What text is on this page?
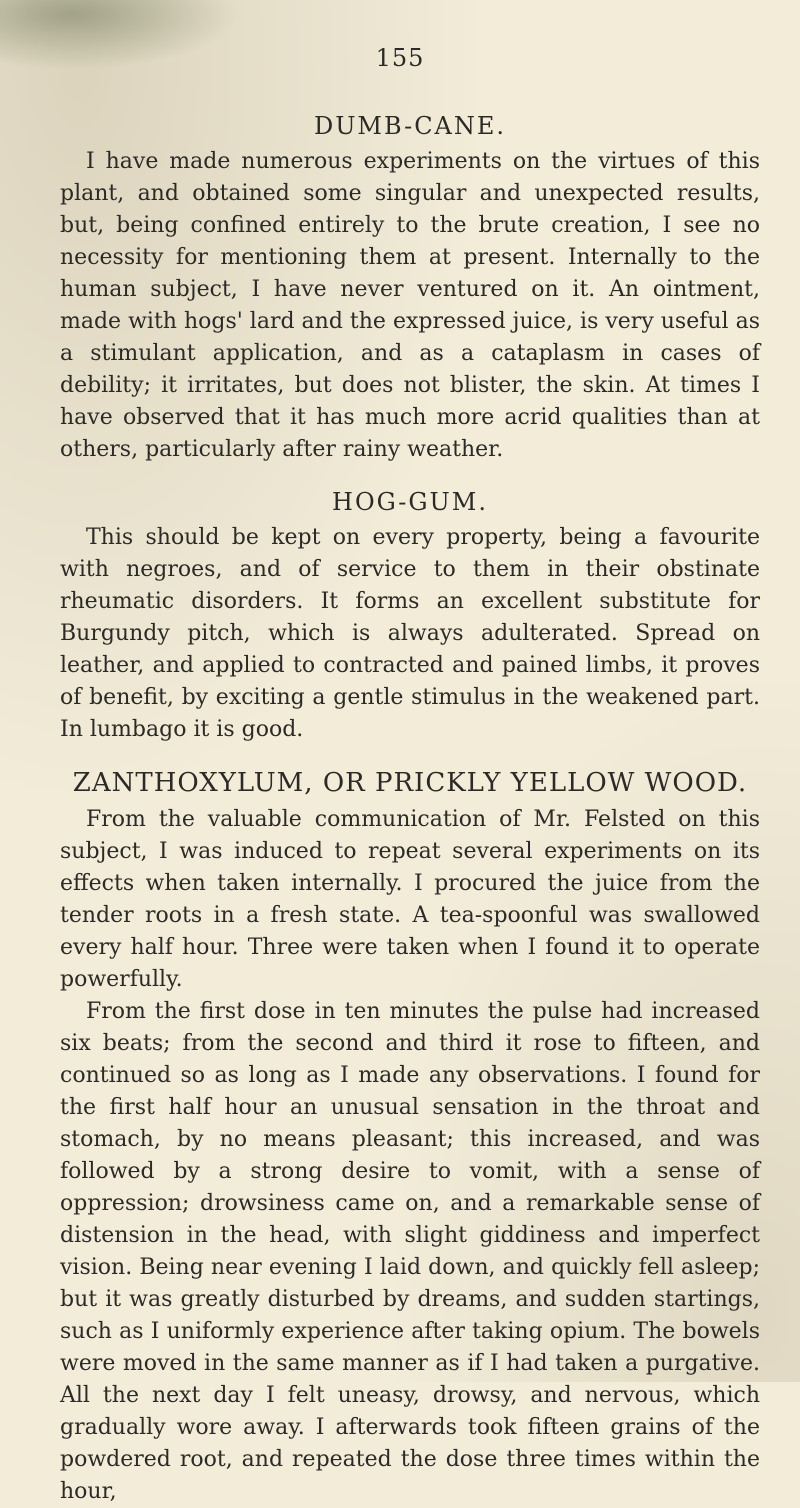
155
DUMB-CANE.

I have made numerous experiments on the virtues of this plant, and obtained some singular and unexpected results, but, being confined entirely to the brute creation, I see no necessity for mentioning them at present. Internally to the human subject, I have never ventured on it. An ointment, made with hogs' lard and the expressed juice, is very useful as a stimulant application, and as a cataplasm in cases of debility; it irritates, but does not blister, the skin. At times I have observed that it has much more acrid qualities than at others, particularly after rainy weather.

HOG-GUM.

This should be kept on every property, being a favourite with negroes, and of service to them in their obstinate rheumatic disorders. It forms an excellent substitute for Burgundy pitch, which is always adulterated. Spread on leather, and applied to contracted and pained limbs, it proves of benefit, by exciting a gentle stimulus in the weakened part. In lumbago it is good.

ZANTHOXYLUM, OR PRICKLY YELLOW WOOD.

From the valuable communication of Mr. Felsted on this subject, I was induced to repeat several experiments on its effects when taken internally. I procured the juice from the tender roots in a fresh state. A tea-spoonful was swallowed every half hour. Three were taken when I found it to operate powerfully.

From the first dose in ten minutes the pulse had increased six beats; from the second and third it rose to fifteen, and continued so as long as I made any observations. I found for the first half hour an unusual sensation in the throat and stomach, by no means pleasant; this increased, and was followed by a strong desire to vomit, with a sense of oppression; drowsiness came on, and a remarkable sense of distension in the head, with slight giddiness and imperfect vision. Being near evening I laid down, and quickly fell asleep; but it was greatly disturbed by dreams, and sudden startings, such as I uniformly experience after taking opium. The bowels were moved in the same manner as if I had taken a purgative. All the next day I felt uneasy, drowsy, and nervous, which gradually wore away. I afterwards took fifteen grains of the powdered root, and repeated the dose three times within the hour,
